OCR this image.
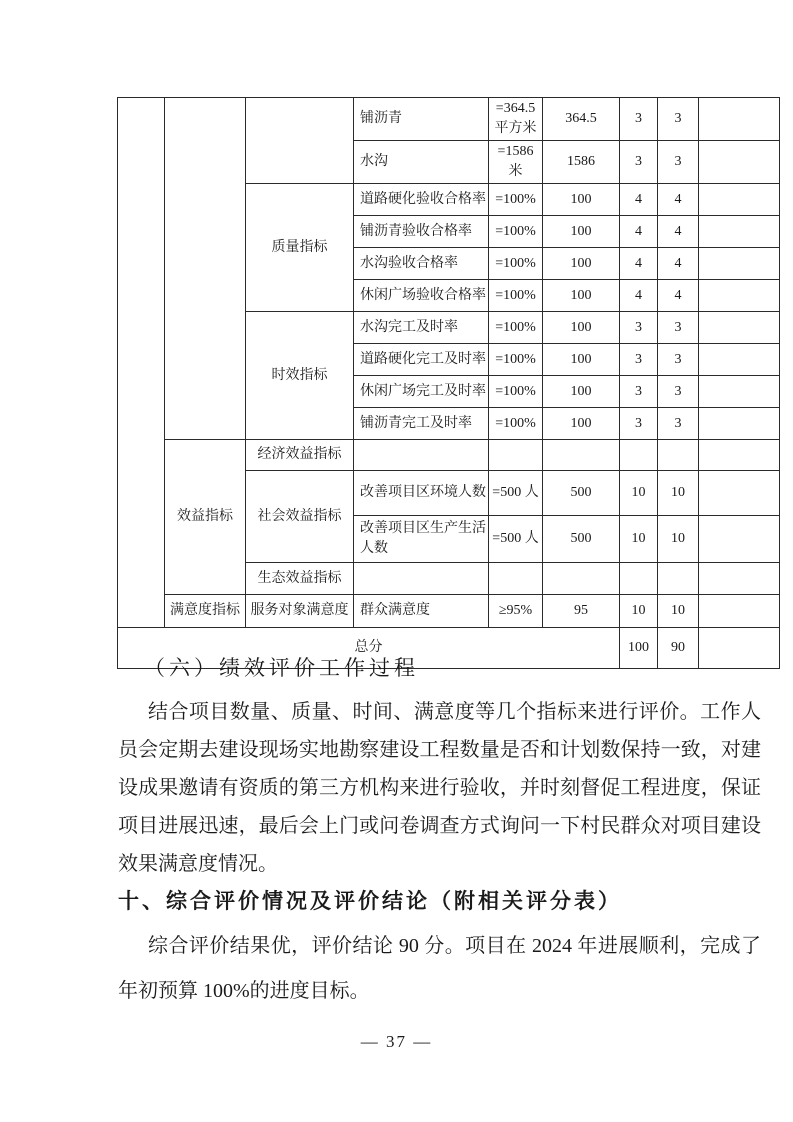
			铺沥青	=364.5 平方米	364.5	3	3	
			水沟	=1586 米	1586	3	3	
		质量指标	道路硬化验收合格率	=100%	100	4	4	
			铺沥青验收合格率	=100%	100	4	4	
			水沟验收合格率	=100%	100	4	4	
			休闲广场验收合格率	=100%	100	4	4	
		时效指标	水沟完工及时率	=100%	100	3	3	
			道路硬化完工及时率	=100%	100	3	3	
			休闲广场完工及时率	=100%	100	3	3	
			铺沥青完工及时率	=100%	100	3	3	
	效益指标	经济效益指标						
		社会效益指标	改善项目区环境人数	=500 人	500	10	10	
			改善项目区生产生活人数	=500 人	500	10	10	
		生态效益指标						
	满意度指标	服务对象满意度	群众满意度	≥95%	95	10	10	
总分						100	90	
（六）绩效评价工作过程

结合项目数量、质量、时间、满意度等几个指标来进行评价。工作人员会定期去建设现场实地勘察建设工程数量是否和计划数保持一致，对建设成果邀请有资质的第三方机构来进行验收，并时刻督促工程进度，保证项目进展迅速，最后会上门或问卷调查方式询问一下村民群众对项目建设效果满意度情况。

十、综合评价情况及评价结论（附相关评分表）

综合评价结果优，评价结论 90 分。项目在 2024 年进展顺利，完成了年初预算 100%的进度目标。

— 37 —
